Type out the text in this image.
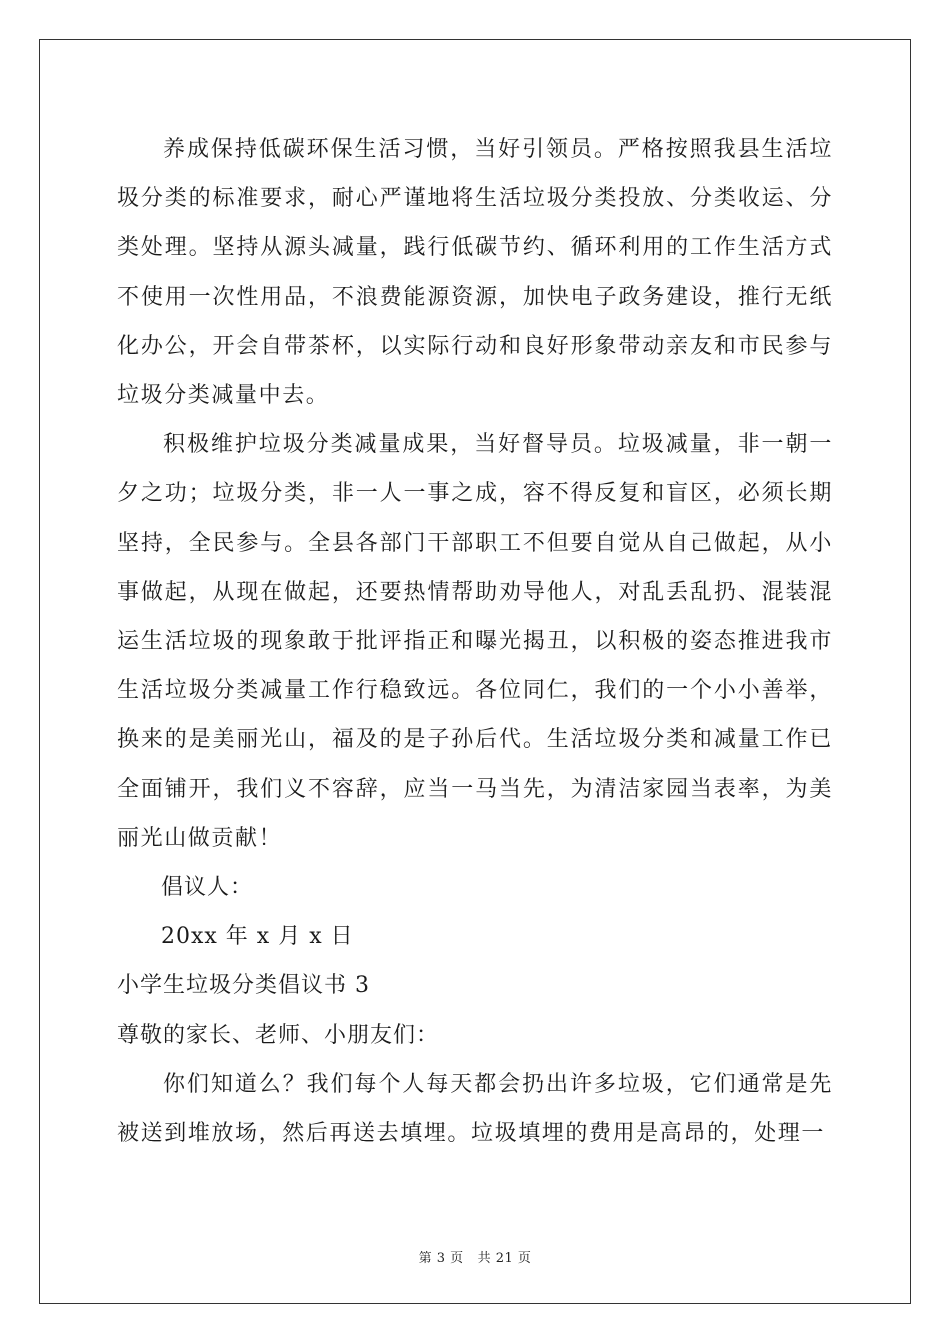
养成保持低碳环保生活习惯，当好引领员。严格按照我县生活垃圾分类的标准要求，耐心严谨地将生活垃圾分类投放、分类收运、分类处理。坚持从源头减量，践行低碳节约、循环利用的工作生活方式不使用一次性用品，不浪费能源资源，加快电子政务建设，推行无纸化办公，开会自带茶杯，以实际行动和良好形象带动亲友和市民参与垃圾分类减量中去。

积极维护垃圾分类减量成果，当好督导员。垃圾减量，非一朝一夕之功；垃圾分类，非一人一事之成，容不得反复和盲区，必须长期坚持，全民参与。全县各部门干部职工不但要自觉从自己做起，从小事做起，从现在做起，还要热情帮助劝导他人，对乱丢乱扔、混装混运生活垃圾的现象敢于批评指正和曝光揭丑，以积极的姿态推进我市生活垃圾分类减量工作行稳致远。各位同仁，我们的一个小小善举，换来的是美丽光山，福及的是子孙后代。生活垃圾分类和减量工作已全面铺开，我们义不容辞，应当一马当先，为清洁家园当表率，为美丽光山做贡献！

倡议人：

20xx 年 x 月 x 日

小学生垃圾分类倡议书 3

尊敬的家长、老师、小朋友们：

你们知道么？我们每个人每天都会扔出许多垃圾，它们通常是先被送到堆放场，然后再送去填埋。垃圾填埋的费用是高昂的，处理一

第 3 页 共 21 页
